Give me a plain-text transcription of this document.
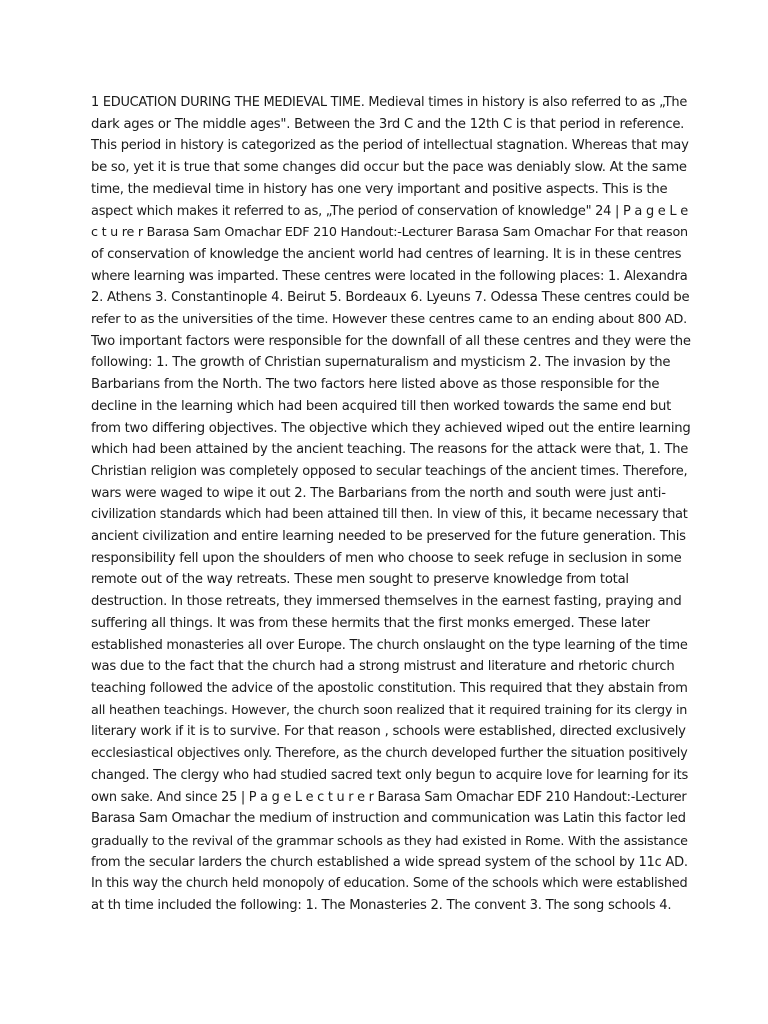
1 EDUCATION DURING THE MEDIEVAL TIME. Medieval times in history is also referred to as „The
dark ages or The middle ages". Between the 3rd C and the 12th C is that period in reference.
This period in history is categorized as the period of intellectual stagnation. Whereas that may
be so, yet it is true that some changes did occur but the pace was deniably slow. At the same
time, the medieval time in history has one very important and positive aspects. This is the
aspect which makes it referred to as, „The period of conservation of knowledge" 24 | P a g e L e
c t u re r Barasa Sam Omachar EDF 210 Handout:-Lecturer Barasa Sam Omachar For that reason
of conservation of knowledge the ancient world had centres of learning. It is in these centres
where learning was imparted. These centres were located in the following places: 1. Alexandra
2. Athens 3. Constantinople 4. Beirut 5. Bordeaux 6. Lyeuns 7. Odessa These centres could be
refer to as the universities of the time. However these centres came to an ending about 800 AD.
Two important factors were responsible for the downfall of all these centres and they were the
following: 1. The growth of Christian supernaturalism and mysticism 2. The invasion by the
Barbarians from the North. The two factors here listed above as those responsible for the
decline in the learning which had been acquired till then worked towards the same end but
from two differing objectives. The objective which they achieved wiped out the entire learning
which had been attained by the ancient teaching. The reasons for the attack were that, 1. The
Christian religion was completely opposed to secular teachings of the ancient times. Therefore,
wars were waged to wipe it out 2. The Barbarians from the north and south were just anti-
civilization standards which had been attained till then. In view of this, it became necessary that
ancient civilization and entire learning needed to be preserved for the future generation. This
responsibility fell upon the shoulders of men who choose to seek refuge in seclusion in some
remote out of the way retreats. These men sought to preserve knowledge from total
destruction. In those retreats, they immersed themselves in the earnest fasting, praying and
suffering all things. It was from these hermits that the first monks emerged. These later
established monasteries all over Europe. The church onslaught on the type learning of the time
was due to the fact that the church had a strong mistrust and literature and rhetoric church
teaching followed the advice of the apostolic constitution. This required that they abstain from
all heathen teachings. However, the church soon realized that it required training for its clergy in
literary work if it is to survive. For that reason , schools were established, directed exclusively
ecclesiastical objectives only. Therefore, as the church developed further the situation positively
changed. The clergy who had studied sacred text only begun to acquire love for learning for its
own sake. And since 25 | P a g e L e c t u r e r Barasa Sam Omachar EDF 210 Handout:-Lecturer
Barasa Sam Omachar the medium of instruction and communication was Latin this factor led
gradually to the revival of the grammar schools as they had existed in Rome. With the assistance
from the secular larders the church established a wide spread system of the school by 11c AD.
In this way the church held monopoly of education. Some of the schools which were established
at th time included the following: 1. The Monasteries 2. The convent 3. The song schools 4.
